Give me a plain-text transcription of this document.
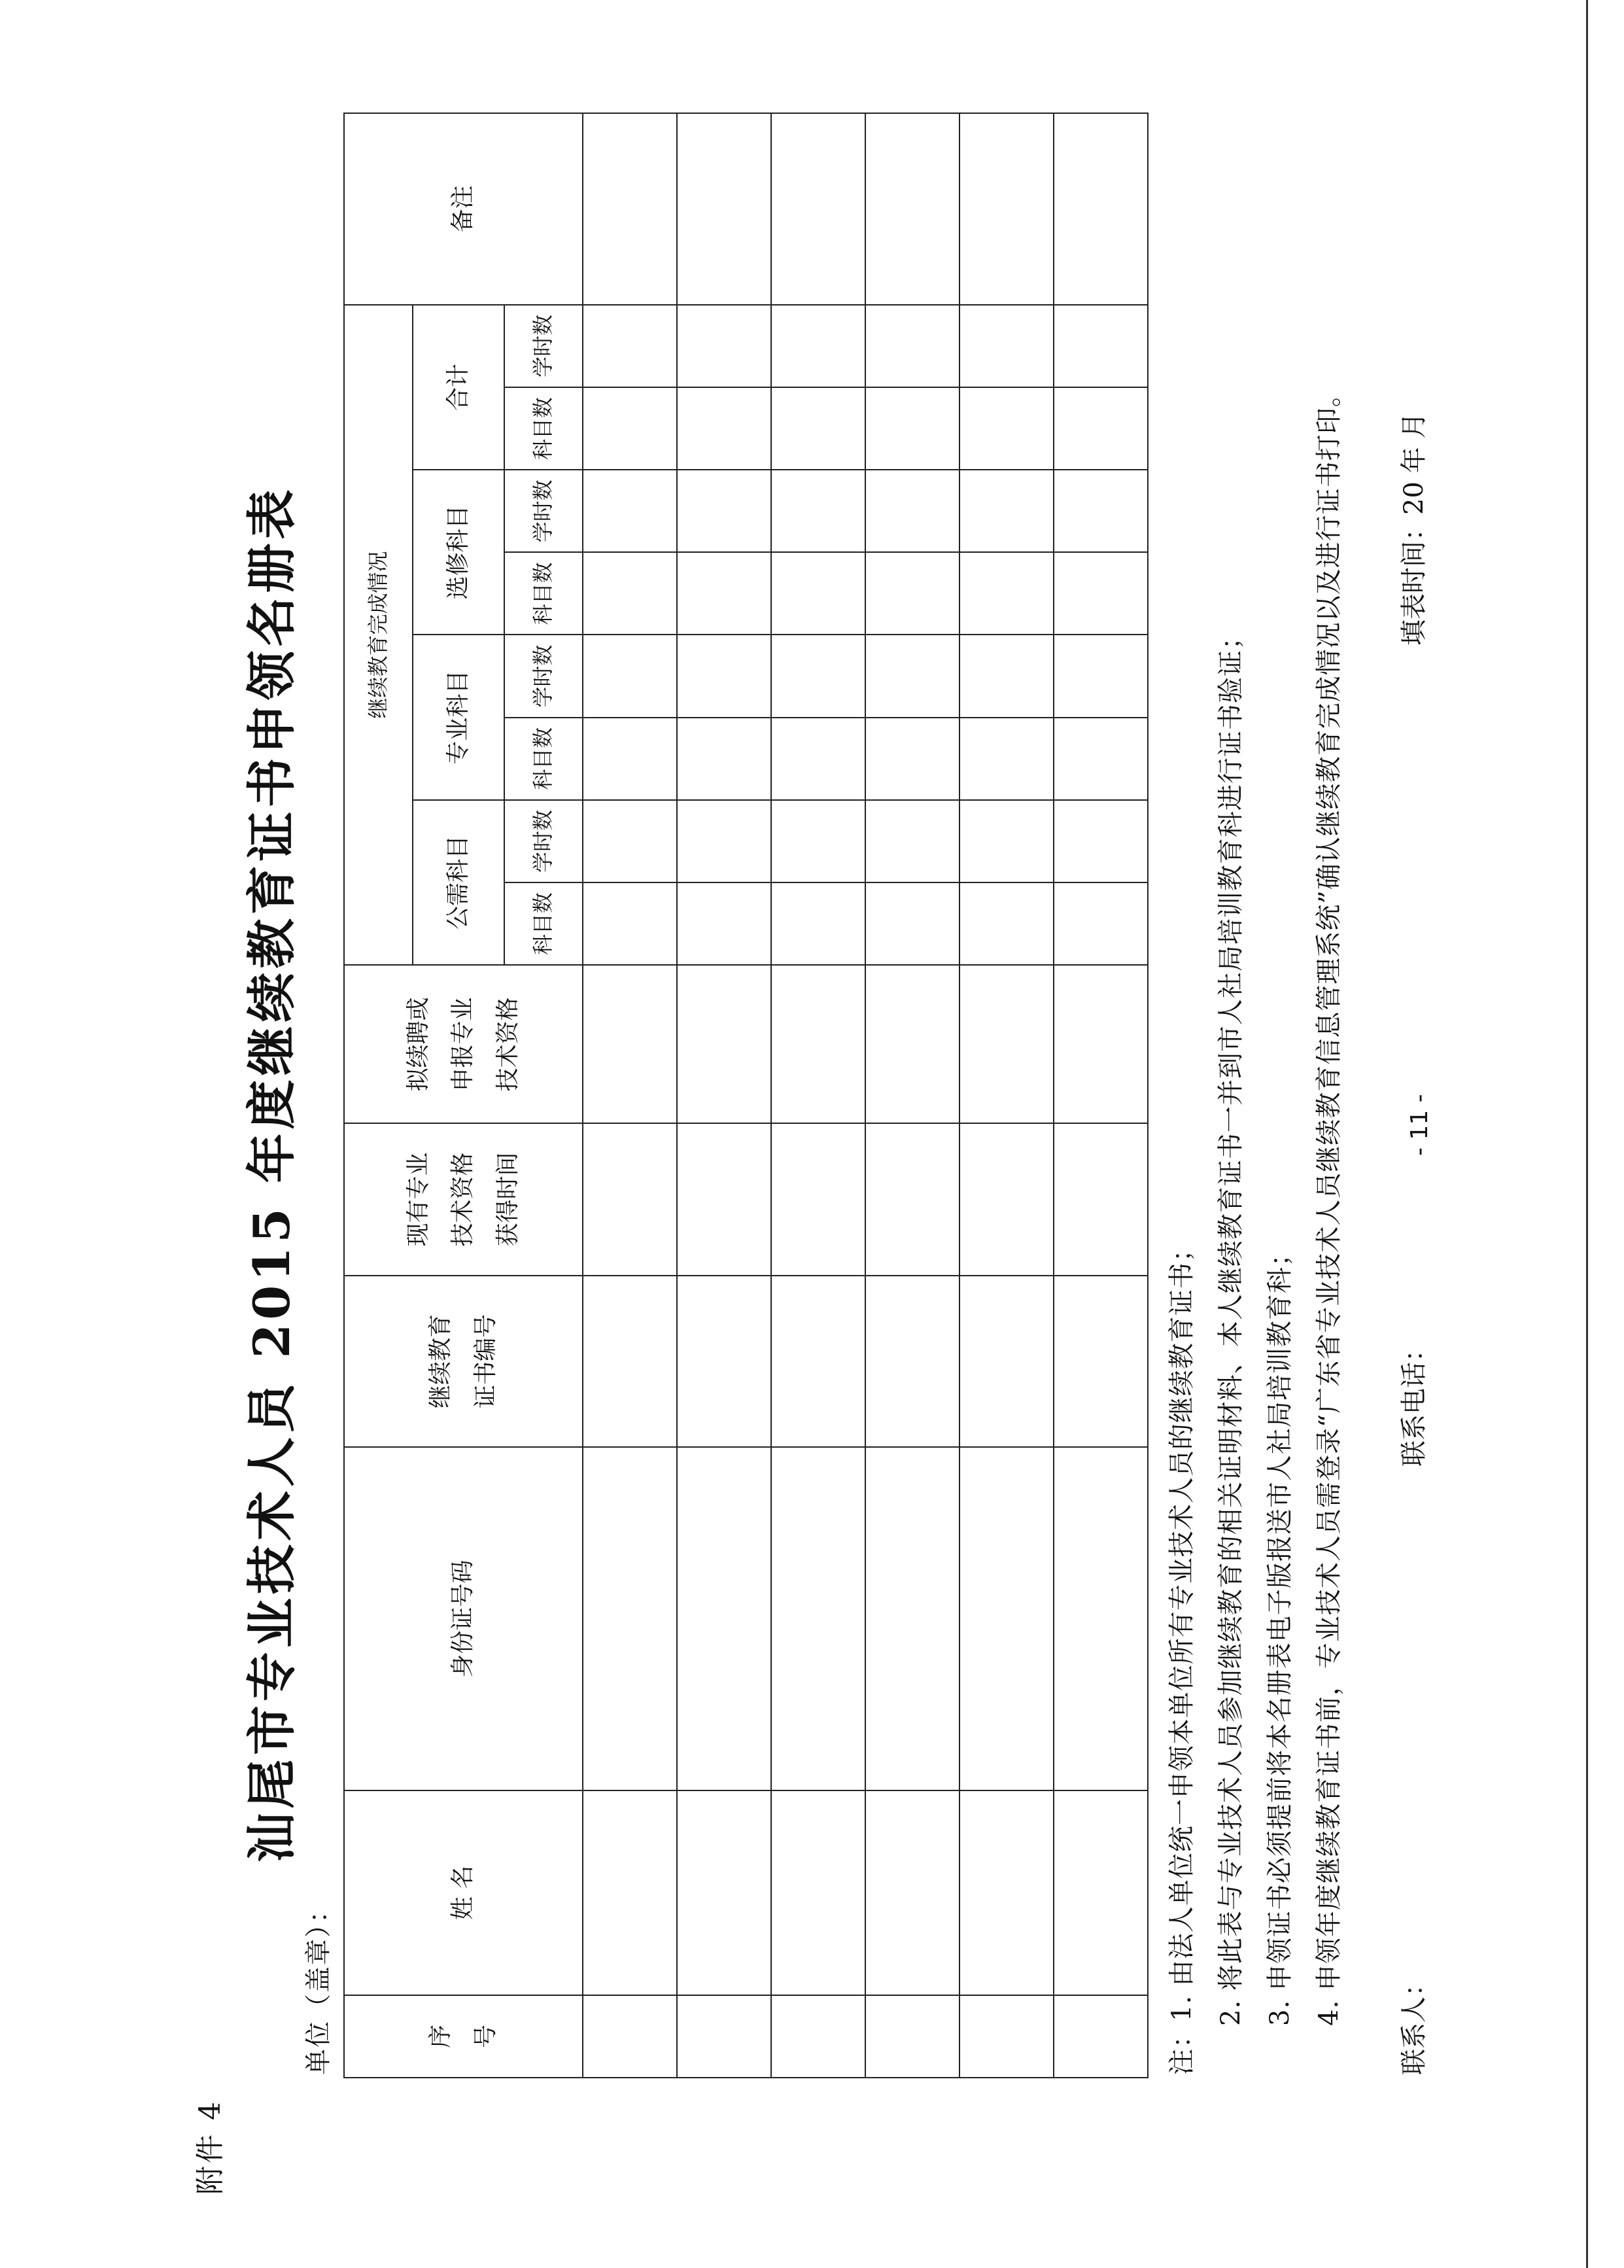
附件 4
汕尾市专业技术人员 2015 年度继续教育证书申领名册表
单位（盖章）：	序 号	姓 名	身份证号码	继续教育 证书编号	现有专业 技术资格 获得时间	拟续聘或 申报专业 技术资格	继续教育完成情况								备注
						公需科目		专业科目		选修科目		合计		
						科目数	学时数	科目数	学时数	科目数	学时数	科目数	学时数	

注：1. 由法人单位统一申领本单位所有专业技术人员的继续教育证书； 2. 将此表与专业技术人员参加继续教育的相关证明材料、本人继续教育证书一并到市人社局培训教育科进行证书验证； 3. 申领证书必须提前将本名册表电子版报送市人社局培训教育科； 4. 申领年度继续教育证书前，专业技术人员需登录“广东省专业技术人员继续教育信息管理系统”确认继续教育完成情况以及进行证书打印。 联系人：
联系电话：
- 11 -
填表时间：20 年 月
